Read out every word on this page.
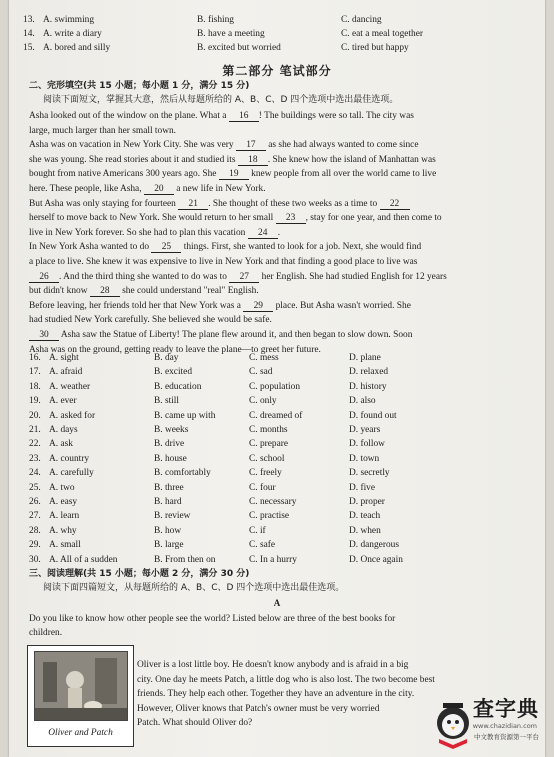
13. A. swimming	B. fishing	C. dancing
14. A. write a diary	B. have a meeting	C. eat a meal together
15. A. bored and silly	B. excited but worried	C. tired but happy
第二部分 笔试部分
二、完形填空(共 15 小题；每小题 1 分，满分 15 分)
阅读下面短文，掌握其大意，然后从每题所给的 A、B、C、D 四个选项中选出最佳选项。
Asha looked out of the window on the plane. What a 16 ! The buildings were so tall. The city was
large, much larger than her small town.
Asha was on vacation in New York City. She was very 17 as she had always wanted to come since
she was young. She read stories about it and studied its 18 . She knew how the island of Manhattan was
bought from native Americans 300 years ago. She 19 knew people from all over the world came to live
here. These people, like Asha, 20 a new life in New York.
But Asha was only staying for fourteen 21 . She thought of these two weeks as a time to 22
herself to move back to New York. She would return to her small 23 , stay for one year, and then come to
live in New York forever. So she had to plan this vacation 24 .
In New York Asha wanted to do 25 things. First, she wanted to look for a job. Next, she would find
a place to live. She knew it was expensive to live in New York and that finding a good place to live was
26 . And the third thing she wanted to do was to 27 her English. She had studied English for 12 years
but didn't know 28 she could understand "real" English.
Before leaving, her friends told her that New York was a 29 place. But Asha wasn't worried. She
had studied New York carefully. She believed she would be safe.
30 Asha saw the Statue of Liberty! The plane flew around it, and then began to slow down. Soon
Asha was on the ground, getting ready to leave the plane—to greet her future.
16. A. sight	B. day	C. mess	D. plane
17. A. afraid	B. excited	C. sad	D. relaxed
18. A. weather	B. education	C. population	D. history
19. A. ever	B. still	C. only	D. also
20. A. asked for	B. came up with	C. dreamed of	D. found out
21. A. days	B. weeks	C. months	D. years
22. A. ask	B. drive	C. prepare	D. follow
23. A. country	B. house	C. school	D. town
24. A. carefully	B. comfortably	C. freely	D. secretly
25. A. two	B. three	C. four	D. five
26. A. easy	B. hard	C. necessary	D. proper
27. A. learn	B. review	C. practise	D. teach
28. A. why	B. how	C. if	D. when
29. A. small	B. large	C. safe	D. dangerous
30. A. All of a sudden	B. From then on	C. In a hurry	D. Once again
三、阅读理解(共 15 小题；每小题 2 分，满分 30 分)
阅读下面四篇短文，从每题所给的 A、B、C、D 四个选项中选出最佳选项。
A
Do you like to know how other people see the world? Listed below are three of the best books for
children.
Oliver and Patch
Oliver is a lost little boy. He doesn't know anybody and is afraid in a big
city. One day he meets Patch, a little dog who is also lost. The two become best
friends. They help each other. Together they have an adventure in the city.
However, Oliver knows that Patch's owner must be very worried
Patch. What should Oliver do?
查字典
www.chazidian.com
中文教育资源第一平台
